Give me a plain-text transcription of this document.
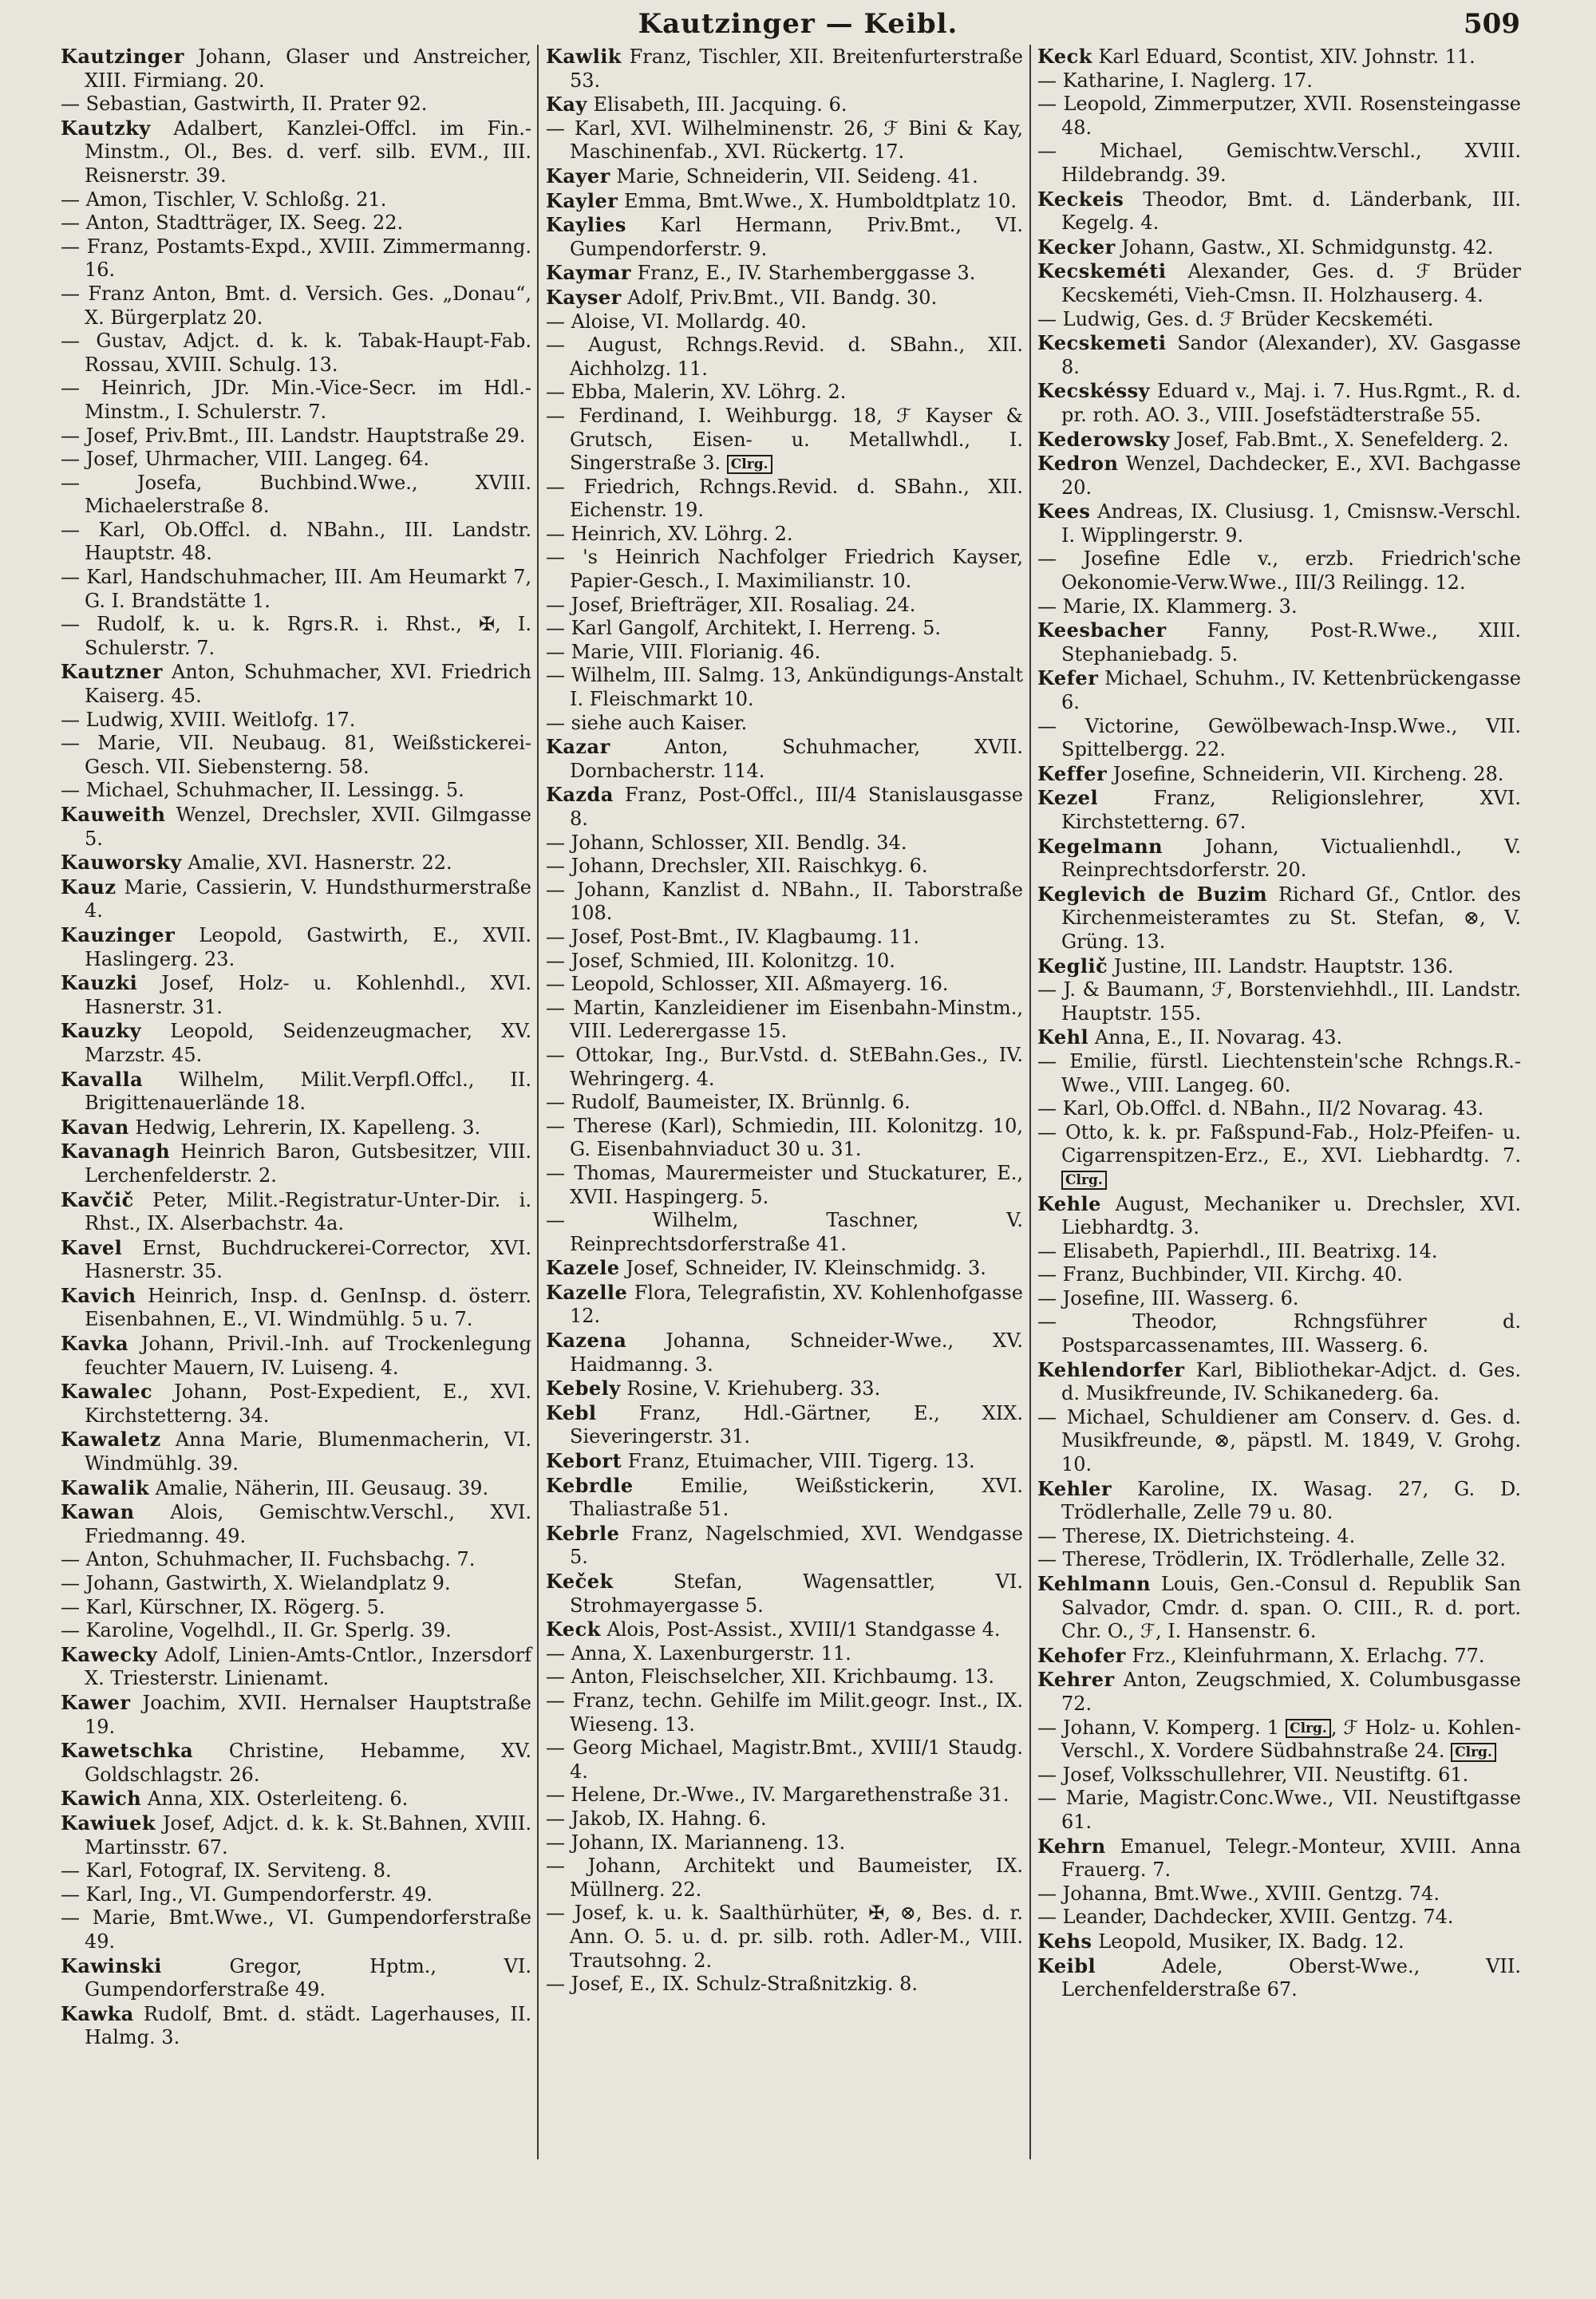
Kautzinger — Keibl.	509
Kautzinger Johann, Glaser und Anstreicher, XIII. Firmiang. 20.
— Sebastian, Gastwirth, II. Prater 92.
Kautzky Adalbert, Kanzlei-Offcl. im Fin.-Minstm., Ol., Bes. d. verf. silb. EVM., III. Reisnerstr. 39.
— Amon, Tischler, V. Schloßg. 21.
— Anton, Stadtträger, IX. Seeg. 22.
— Franz, Postamts-Expd., XVIII. Zimmermanng. 16.
— Franz Anton, Bmt. d. Versich. Ges. „Donau“, X. Bürgerplatz 20.
— Gustav, Adjct. d. k. k. Tabak-Haupt-Fab. Rossau, XVIII. Schulg. 13.
— Heinrich, JDr. Min.-Vice-Secr. im Hdl.-Minstm., I. Schulerstr. 7.
— Josef, Priv.Bmt., III. Landstr. Hauptstraße 29.
— Josef, Uhrmacher, VIII. Langeg. 64.
— Josefa, Buchbind.Wwe., XVIII. Michaelerstraße 8.
— Karl, Ob.Offcl. d. NBahn., III. Landstr. Hauptstr. 48.
— Karl, Handschuhmacher, III. Am Heumarkt 7, G. I. Brandstätte 1.
— Rudolf, k. u. k. Rgrs.R. i. Rhst., ✠, I. Schulerstr. 7.
Kautzner Anton, Schuhmacher, XVI. Friedrich Kaiserg. 45.
— Ludwig, XVIII. Weitlofg. 17.
— Marie, VII. Neubaug. 81, Weißstickerei-Gesch. VII. Siebensterng. 58.
— Michael, Schuhmacher, II. Lessingg. 5.
Kauweith Wenzel, Drechsler, XVII. Gilmgasse 5.
Kauworsky Amalie, XVI. Hasnerstr. 22.
Kauz Marie, Cassierin, V. Hundsthurmerstraße 4.
Kauzinger Leopold, Gastwirth, E., XVII. Haslingerg. 23.
Kauzki Josef, Holz- u. Kohlenhdl., XVI. Hasnerstr. 31.
Kauzky Leopold, Seidenzeugmacher, XV. Marzstr. 45.
Kavalla Wilhelm, Milit.Verpfl.Offcl., II. Brigittenauerlände 18.
Kavan Hedwig, Lehrerin, IX. Kapelleng. 3.
Kavanagh Heinrich Baron, Gutsbesitzer, VIII. Lerchenfelderstr. 2.
Kavčič Peter, Milit.-Registratur-Unter-Dir. i. Rhst., IX. Alserbachstr. 4a.
Kavel Ernst, Buchdruckerei-Corrector, XVI. Hasnerstr. 35.
Kavich Heinrich, Insp. d. GenInsp. d. österr. Eisenbahnen, E., VI. Windmühlg. 5 u. 7.
Kavka Johann, Privil.-Inh. auf Trockenlegung feuchter Mauern, IV. Luiseng. 4.
Kawalec Johann, Post-Expedient, E., XVI. Kirchstetterng. 34.
Kawaletz Anna Marie, Blumenmacherin, VI. Windmühlg. 39.
Kawalik Amalie, Näherin, III. Geusaug. 39.
Kawan Alois, Gemischtw.Verschl., XVI. Friedmanng. 49.
— Anton, Schuhmacher, II. Fuchsbachg. 7.
— Johann, Gastwirth, X. Wielandplatz 9.
— Karl, Kürschner, IX. Rögerg. 5.
— Karoline, Vogelhdl., II. Gr. Sperlg. 39.
Kawecky Adolf, Linien-Amts-Cntlor., Inzersdorf X. Triesterstr. Linienamt.
Kawer Joachim, XVII. Hernalser Hauptstraße 19.
Kawetschka Christine, Hebamme, XV. Goldschlagstr. 26.
Kawich Anna, XIX. Osterleiteng. 6.
Kawiuek Josef, Adjct. d. k. k. St.Bahnen, XVIII. Martinsstr. 67.
— Karl, Fotograf, IX. Serviteng. 8.
— Karl, Ing., VI. Gumpendorferstr. 49.
— Marie, Bmt.Wwe., VI. Gumpendorferstraße 49.
Kawinski	Gregor, Hptm., VI. Gumpendorferstraße 49.
Kawka Rudolf, Bmt. d. städt. Lagerhauses, II. Halmg. 3.
Kawlik Franz, Tischler, XII. Breitenfurterstraße 53.
Kay Elisabeth, III. Jacquing. 6.
— Karl, XVI. Wilhelminenstr. 26, ℱ Bini & Kay, Maschinenfab., XVI. Rückertg. 17.
Kayer Marie, Schneiderin, VII. Seideng. 41.
Kayler Emma, Bmt.Wwe., X. Humboldtplatz 10.
Kaylies Karl Hermann, Priv.Bmt., VI. Gumpendorferstr. 9.
Kaymar Franz, E., IV. Starhemberggasse 3.
Kayser Adolf, Priv.Bmt., VII. Bandg. 30.
— Aloise, VI. Mollardg. 40.
— August, Rchngs.Revid. d. SBahn., XII. Aichholzg. 11.
— Ebba, Malerin, XV. Löhrg. 2.
— Ferdinand, I. Weihburgg. 18, ℱ Kayser & Grutsch, Eisen- u. Metallwhdl., I. Singerstraße 3. Clrg.
— Friedrich, Rchngs.Revid. d. SBahn., XII. Eichenstr. 19.
— Heinrich, XV. Löhrg. 2.
— 's Heinrich Nachfolger Friedrich Kayser, Papier-Gesch., I. Maximilianstr. 10.
— Josef, Briefträger, XII. Rosaliag. 24.
— Karl Gangolf, Architekt, I. Herreng. 5.
— Marie, VIII. Florianig. 46.
— Wilhelm, III. Salmg. 13, Ankündigungs-Anstalt I. Fleischmarkt 10.
— siehe auch Kaiser.
Kazar	Anton, Schuhmacher, XVII. Dornbacherstr. 114.
Kazda Franz, Post-Offcl., III/4 Stanislausgasse 8.
— Johann, Schlosser, XII. Bendlg. 34.
— Johann, Drechsler, XII. Raischkyg. 6.
— Johann, Kanzlist d. NBahn., II. Taborstraße 108.
— Josef, Post-Bmt., IV. Klagbaumg. 11.
— Josef, Schmied, III. Kolonitzg. 10.
— Leopold, Schlosser, XII. Aßmayerg. 16.
— Martin, Kanzleidiener im Eisenbahn-Minstm., VIII. Lederergasse 15.
— Ottokar, Ing., Bur.Vstd. d. StEBahn.Ges., IV. Wehringerg. 4.
— Rudolf, Baumeister, IX. Brünnlg. 6.
— Therese (Karl), Schmiedin, III. Kolonitzg. 10, G. Eisenbahnviaduct 30 u. 31.
— Thomas, Maurermeister und Stuckaturer, E., XVII. Haspingerg. 5.
— Wilhelm, Taschner, V. Reinprechtsdorferstraße 41.
Kazele Josef, Schneider, IV. Kleinschmidg. 3.
Kazelle Flora, Telegrafistin, XV. Kohlenhofgasse 12.
Kazena Johanna, Schneider-Wwe., XV. Haidmanng. 3.
Kebely Rosine, V. Kriehuberg. 33.
Kebl Franz, Hdl.-Gärtner, E., XIX. Sieveringerstr. 31.
Kebort Franz, Etuimacher, VIII. Tigerg. 13.
Kebrdle Emilie, Weißstickerin, XVI. Thaliastraße 51.
Kebrle Franz, Nagelschmied, XVI. Wendgasse 5.
Keček	Stefan, Wagensattler, VI. Strohmayergasse 5.
Keck Alois, Post-Assist., XVIII/1 Standgasse 4.
— Anna, X. Laxenburgerstr. 11.
— Anton, Fleischselcher, XII. Krichbaumg. 13.
— Franz, techn. Gehilfe im Milit.geogr. Inst., IX. Wieseng. 13.
— Georg Michael, Magistr.Bmt., XVIII/1 Staudg. 4.
— Helene, Dr.-Wwe., IV. Margarethenstraße 31.
— Jakob, IX. Hahng. 6.
— Johann, IX. Marianneng. 13.
— Johann, Architekt und Baumeister, IX. Müllnerg. 22.
— Josef, k. u. k. Saalthürhüter, ✠, ⊗, Bes. d. r. Ann. O. 5. u. d. pr. silb. roth. Adler-M., VIII. Trautsohng. 2.
— Josef, E., IX. Schulz-Straßnitzkig. 8.
Keck Karl Eduard, Scontist, XIV. Johnstr. 11.
— Katharine, I. Naglerg. 17.
— Leopold, Zimmerputzer, XVII. Rosensteingasse 48.
— Michael, Gemischtw.Verschl., XVIII. Hildebrandg. 39.
Keckeis Theodor, Bmt. d. Länderbank, III. Kegelg. 4.
Kecker Johann, Gastw., XI. Schmidgunstg. 42.
Kecskeméti Alexander, Ges. d. ℱ Brüder Kecskeméti, Vieh-Cmsn. II. Holzhauserg. 4.
— Ludwig, Ges. d. ℱ Brüder Kecskeméti.
Kecskemeti Sandor (Alexander), XV. Gasgasse 8.
Kecskéssy Eduard v., Maj. i. 7. Hus.Rgmt., R. d. pr. roth. AO. 3., VIII. Josefstädterstraße 55.
Kederowsky Josef, Fab.Bmt., X. Senefelderg. 2.
Kedron Wenzel, Dachdecker, E., XVI. Bachgasse 20.
Kees Andreas, IX. Clusiusg. 1, Cmisnsw.-Verschl. I. Wipplingerstr. 9.
— Josefine Edle v., erzb. Friedrich'sche Oekonomie-Verw.Wwe., III/3 Reilingg. 12.
— Marie, IX. Klammerg. 3.
Keesbacher Fanny, Post-R.Wwe., XIII. Stephaniebadg. 5.
Kefer Michael, Schuhm., IV. Kettenbrückengasse 6.
— Victorine, Gewölbewach-Insp.Wwe., VII. Spittelbergg. 22.
Keffer Josefine, Schneiderin, VII. Kircheng. 28.
Kezel	Franz, Religionslehrer, XVI. Kirchstetterng. 67.
Kegelmann Johann, Victualienhdl., V. Reinprechtsdorferstr. 20.
Keglevich de Buzim Richard Gf., Cntlor. des Kirchenmeisteramtes zu St. Stefan, ⊗, V. Grüng. 13.
Keglič Justine, III. Landstr. Hauptstr. 136.
— J. & Baumann, ℱ, Borstenviehhdl., III. Landstr. Hauptstr. 155.
Kehl Anna, E., II. Novarag. 43.
— Emilie, fürstl. Liechtenstein'sche Rchngs.R.-Wwe., VIII. Langeg. 60.
— Karl, Ob.Offcl. d. NBahn., II/2 Novarag. 43.
— Otto, k. k. pr. Faßspund-Fab., Holz-Pfeifen- u. Cigarrenspitzen-Erz., E., XVI. Liebhardtg. 7. Clrg.
Kehle August, Mechaniker u. Drechsler, XVI. Liebhardtg. 3.
— Elisabeth, Papierhdl., III. Beatrixg. 14.
— Franz, Buchbinder, VII. Kirchg. 40.
— Josefine, III. Wasserg. 6.
— Theodor, Rchngsführer d. Postsparcassenamtes, III. Wasserg. 6.
Kehlendorfer Karl, Bibliothekar-Adjct. d. Ges. d. Musikfreunde, IV. Schikanederg. 6a.
— Michael, Schuldiener am Conserv. d. Ges. d. Musikfreunde, ⊗, päpstl. M. 1849, V. Grohg. 10.
Kehler Karoline, IX. Wasag. 27, G. D. Trödlerhalle, Zelle 79 u. 80.
— Therese, IX. Dietrichsteing. 4.
— Therese, Trödlerin, IX. Trödlerhalle, Zelle 32.
Kehlmann Louis, Gen.-Consul d. Republik San Salvador, Cmdr. d. span. O. CIII., R. d. port. Chr. O., ℱ, I. Hansenstr. 6.
Kehofer Frz., Kleinfuhrmann, X. Erlachg. 77.
Kehrer Anton, Zeugschmied, X. Columbusgasse 72.
— Johann, V. Komperg. 1 Clrg. , ℱ Holz- u. Kohlen-Verschl., X. Vordere Südbahnstraße 24. Clrg.
— Josef, Volksschullehrer, VII. Neustiftg. 61.
— Marie, Magistr.Conc.Wwe., VII. Neustiftgasse 61.
Kehrn Emanuel, Telegr.-Monteur, XVIII. Anna Frauerg. 7.
— Johanna, Bmt.Wwe., XVIII. Gentzg. 74.
— Leander, Dachdecker, XVIII. Gentzg. 74.
Kehs Leopold, Musiker, IX. Badg. 12.
Keibl	Adele, Oberst-Wwe., VII. Lerchenfelderstraße 67.
